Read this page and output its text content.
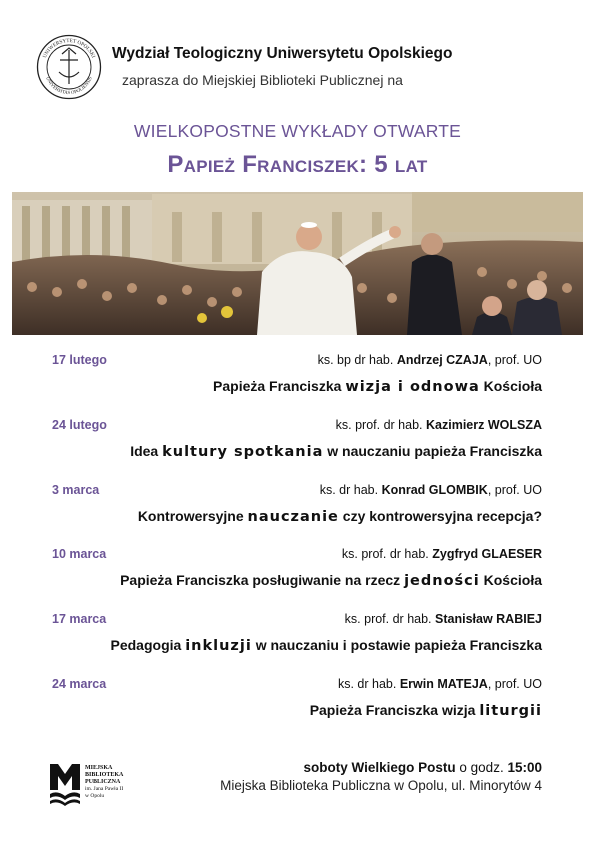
UNIWERSYTET OPOLSKI
UNIVERSITAS OPOLIENSIS
Wydział Teologiczny Uniwersytetu Opolskiego
zaprasza do Miejskiej Biblioteki Publicznej na
WIELKOPOSTNE WYKŁADY OTWARTE
Papież Franciszek: 5 lat
17 lutego	ks. bp dr hab. Andrzej CZAJA, prof. UO
Papieża Franciszka wizja i odnowa Kościoła
24 lutego	ks. prof. dr hab. Kazimierz WOLSZA
Idea kultury spotkania w nauczaniu papieża Franciszka
3 marca	ks. dr hab. Konrad GLOMBIK, prof. UO
Kontrowersyjne nauczanie czy kontrowersyjna recepcja?
10 marca	ks. prof. dr hab. Zygfryd GLAESER
Papieża Franciszka posługiwanie na rzecz jedności Kościoła
17 marca	ks. prof. dr hab. Stanisław RABIEJ
Pedagogia inkluzji w nauczaniu i postawie papieża Franciszka
24 marca	ks. dr hab. Erwin MATEJA, prof. UO
Papieża Franciszka wizja liturgii
MIEJSKA BIBLIOTEKA PUBLICZNA
im. Jana Pawła II w Opolu
soboty Wielkiego Postu o godz. 15:00
Miejska Biblioteka Publiczna w Opolu, ul. Minorytów 4
